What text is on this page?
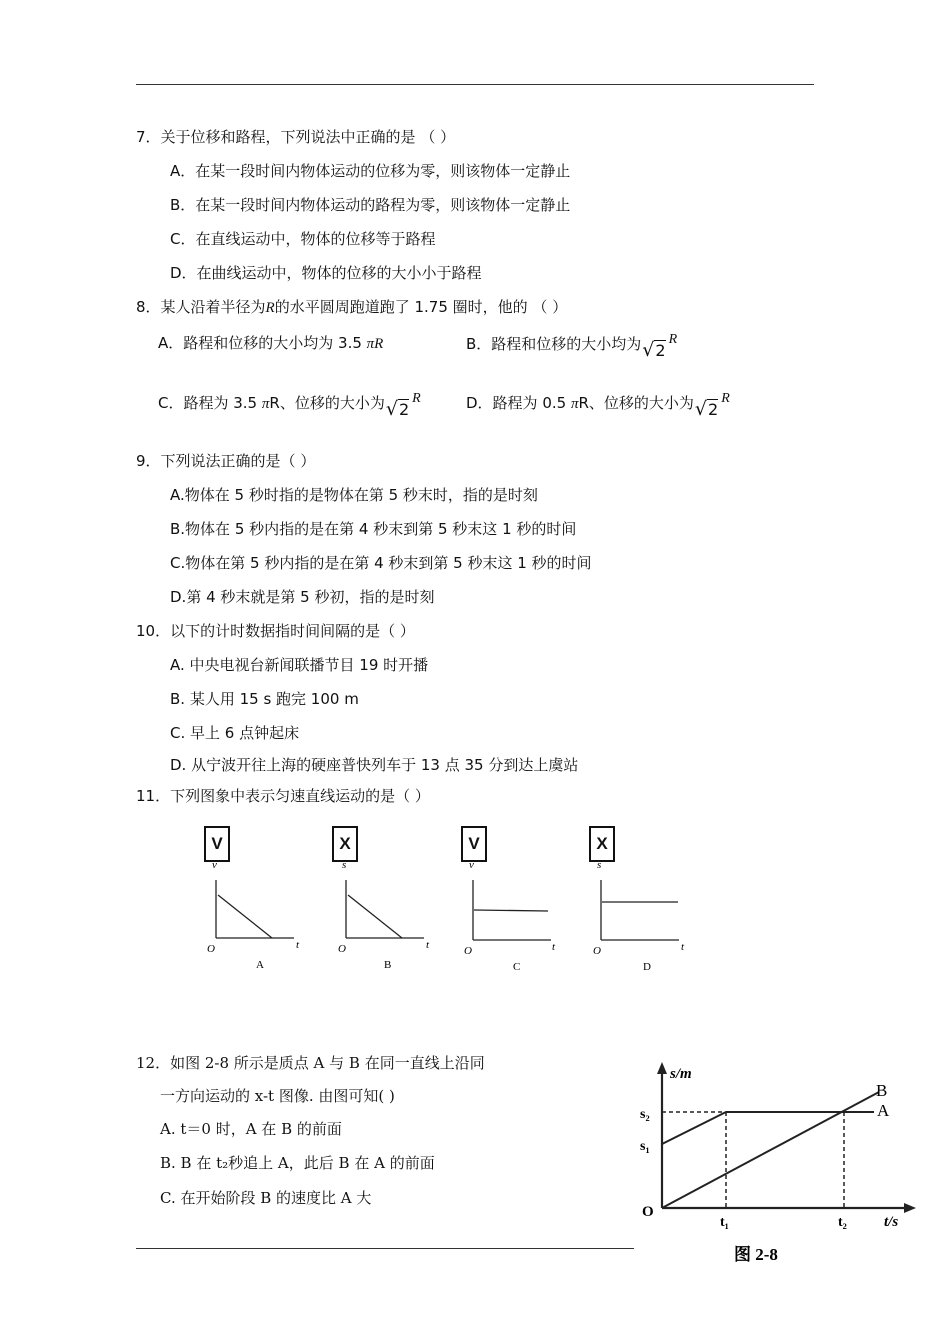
7．关于位移和路程，下列说法中正确的是 （ ）
A．在某一段时间内物体运动的位移为零，则该物体一定静止
B．在某一段时间内物体运动的路程为零，则该物体一定静止
C．在直线运动中，物体的位移等于路程
D．在曲线运动中，物体的位移的大小小于路程
8．某人沿着半径为R的水平圆周跑道跑了 1.75 圈时，他的 （ ）
A．路程和位移的大小均为 3.5 πR	B．路程和位移的大小均为√2R
C．路程为 3.5 πR、位移的大小为√2R	D．路程为 0.5 πR、位移的大小为√2R
9．下列说法正确的是（ ）
A.物体在 5 秒时指的是物体在第 5 秒末时，指的是时刻
B.物体在 5 秒内指的是在第 4 秒末到第 5 秒末这 1 秒的时间
C.物体在第 5 秒内指的是在第 4 秒末到第 5 秒末这 1 秒的时间
D.第 4 秒末就是第 5 秒初，指的是时刻
10．以下的计时数据指时间间隔的是（ ）
A. 中央电视台新闻联播节目 19 时开播
B. 某人用 15 s 跑完 100 m
C. 早上 6 点钟起床
D. 从宁波开往上海的硬座普快列车于 13 点 35 分到达上虞站
11．下列图象中表示匀速直线运动的是（ ）
V	X	V	X
v
t
O
A
s
t
O
B
v
t
O
C
s
t
O
D
12．如图 2-8 所示是质点 A 与 B 在同一直线上沿同
一方向运动的 x-t 图像. 由图可知( )
A. t＝0 时，A 在 B 的前面
B. B 在 t₂秒追上 A，此后 B 在 A 的前面
C. 在开始阶段 B 的速度比 A 大
s/m
t/s
O
s₁
s₂
t₁	t₂
A
B
图 2-8
